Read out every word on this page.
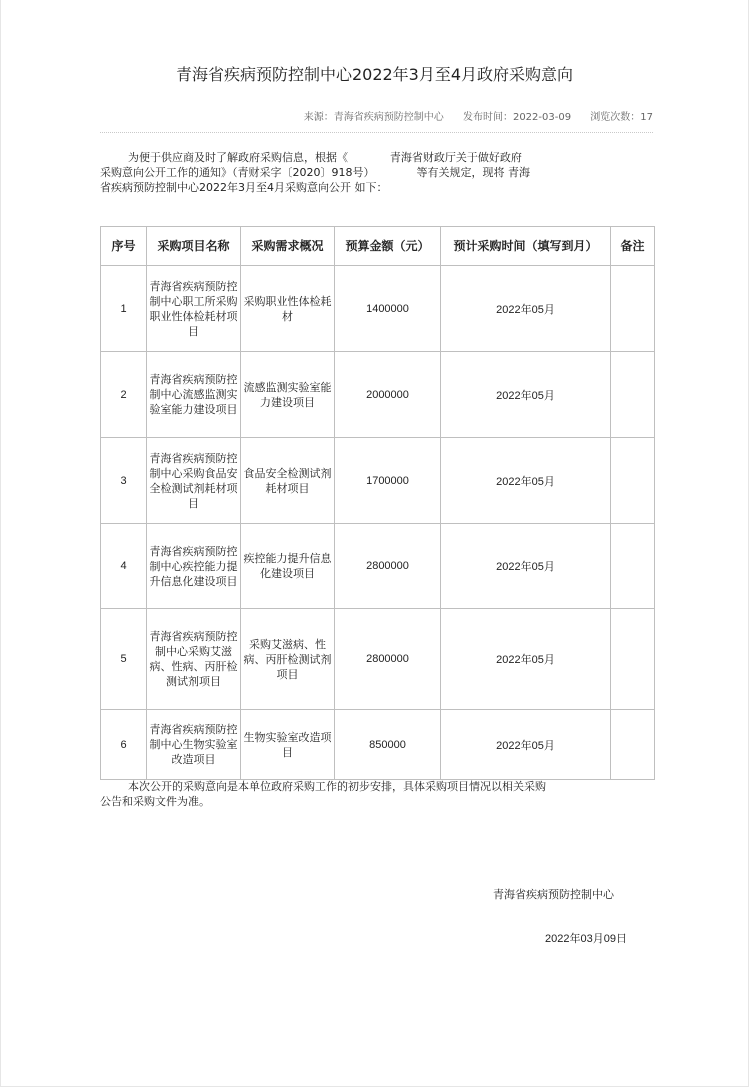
青海省疾病预防控制中心2022年3月至4月政府采购意向
来源：青海省疾病预防控制中心 发布时间：2022-03-09 浏览次数：17
为便于供应商及时了解政府采购信息，根据《            青海省财政厅关于做好政府
采购意向公开工作的通知》（青财采字〔2020〕918号）            等有关规定，现将 青海
省疾病预防控制中心2022年3月至4月采购意向公开 如下：
序号	采购项目名称	采购需求概况	预算金额（元）	预计采购时间（填写到月）	备注
1	青海省疾病预防控制中心职工所采购职业性体检耗材项目	采购职业性体检耗材	1400000	2022年05月	
2	青海省疾病预防控制中心流感监测实验室能力建设项目	流感监测实验室能力建设项目	2000000	2022年05月	
3	青海省疾病预防控制中心采购食品安全检测试剂耗材项目	食品安全检测试剂耗材项目	1700000	2022年05月	
4	青海省疾病预防控制中心疾控能力提升信息化建设项目	疾控能力提升信息化建设项目	2800000	2022年05月	
5	青海省疾病预防控制中心采购艾滋病、性病、丙肝检测试剂项目	采购艾滋病、性病、丙肝检测试剂项目	2800000	2022年05月	
6	青海省疾病预防控制中心生物实验室改造项目	生物实验室改造项目	850000	2022年05月	
本次公开的采购意向是本单位政府采购工作的初步安排，具体采购项目情况以相关采购
公告和采购文件为准。
青海省疾病预防控制中心
2022年03月09日
